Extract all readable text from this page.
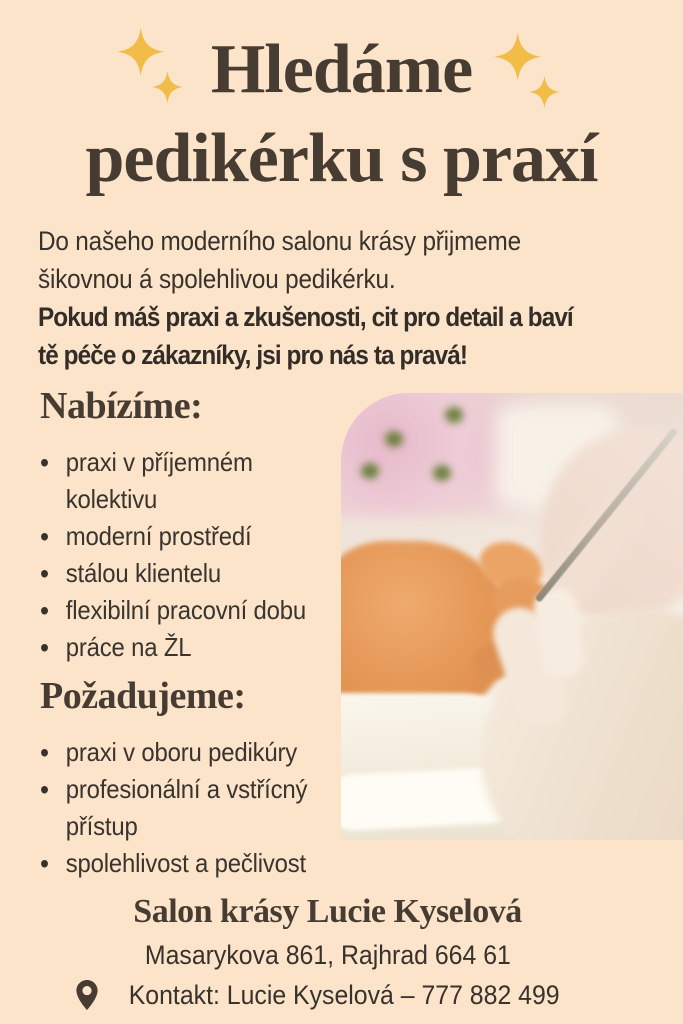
Hledáme
pedikérku s praxí
Do našeho moderního salonu krásy přijmeme
šikovnou á spolehlivou pedikérku.
Pokud máš praxi a zkušenosti, cit pro detail a baví
tě péče o zákazníky, jsi pro nás ta pravá!
Nabízíme:
• praxi v příjemném
kolektivu
• moderní prostředí
• stálou klientelu
• flexibilní pracovní dobu
• práce na ŽL
Požadujeme:
• praxi v oboru pedikúry
• profesionální a vstřícný
přístup
• spolehlivost a pečlivost
Salon krásy Lucie Kyselová
Masarykova 861, Rajhrad 664 61
Kontakt: Lucie Kyselová – 777 882 499
